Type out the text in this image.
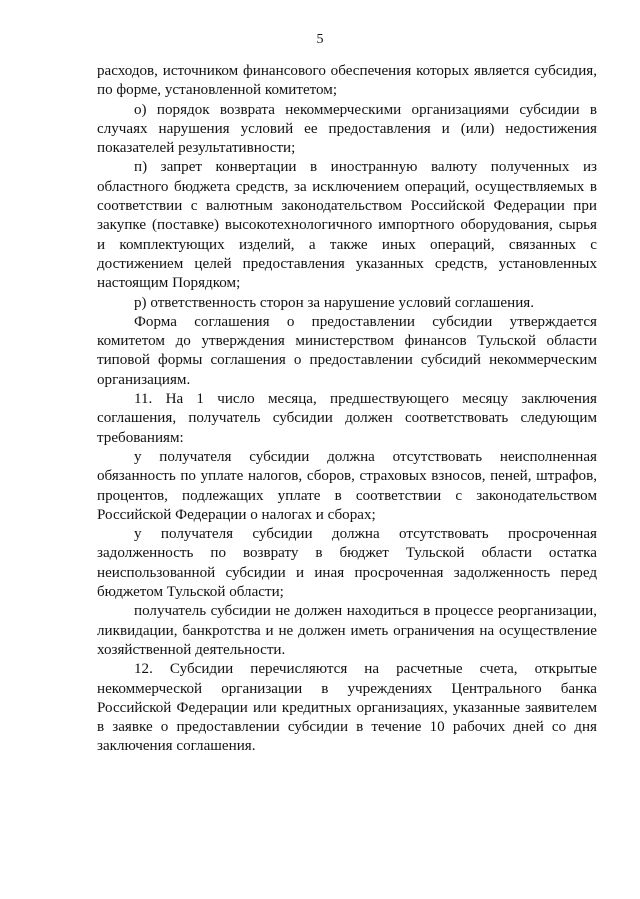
5

расходов, источником финансового обеспечения которых является субсидия, по форме, установленной комитетом;

о) порядок возврата некоммерческими организациями субсидии в случаях нарушения условий ее предоставления и (или) недостижения показателей результативности;

п) запрет конвертации в иностранную валюту полученных из областного бюджета средств, за исключением операций, осуществляемых в соответствии с валютным законодательством Российской Федерации при закупке (поставке) высокотехнологичного импортного оборудования, сырья и комплектующих изделий, а также иных операций, связанных с достижением целей предоставления указанных средств, установленных настоящим Порядком;

р) ответственность сторон за нарушение условий соглашения.

Форма соглашения о предоставлении субсидии утверждается комитетом до утверждения министерством финансов Тульской области типовой формы соглашения о предоставлении субсидий некоммерческим организациям.

11. На 1 число месяца, предшествующего месяцу заключения соглашения, получатель субсидии должен соответствовать следующим требованиям:

у получателя субсидии должна отсутствовать неисполненная обязанность по уплате налогов, сборов, страховых взносов, пеней, штрафов, процентов, подлежащих уплате в соответствии с законодательством Российской Федерации о налогах и сборах;

у получателя субсидии должна отсутствовать просроченная задолженность по возврату в бюджет Тульской области остатка неиспользованной субсидии и иная просроченная задолженность перед бюджетом Тульской области;

получатель субсидии не должен находиться в процессе реорганизации, ликвидации, банкротства и не должен иметь ограничения на осуществление хозяйственной деятельности.

12. Субсидии перечисляются на расчетные счета, открытые некоммерческой организации в учреждениях Центрального банка Российской Федерации или кредитных организациях, указанные заявителем в заявке о предоставлении субсидии в течение 10 рабочих дней со дня заключения соглашения.
